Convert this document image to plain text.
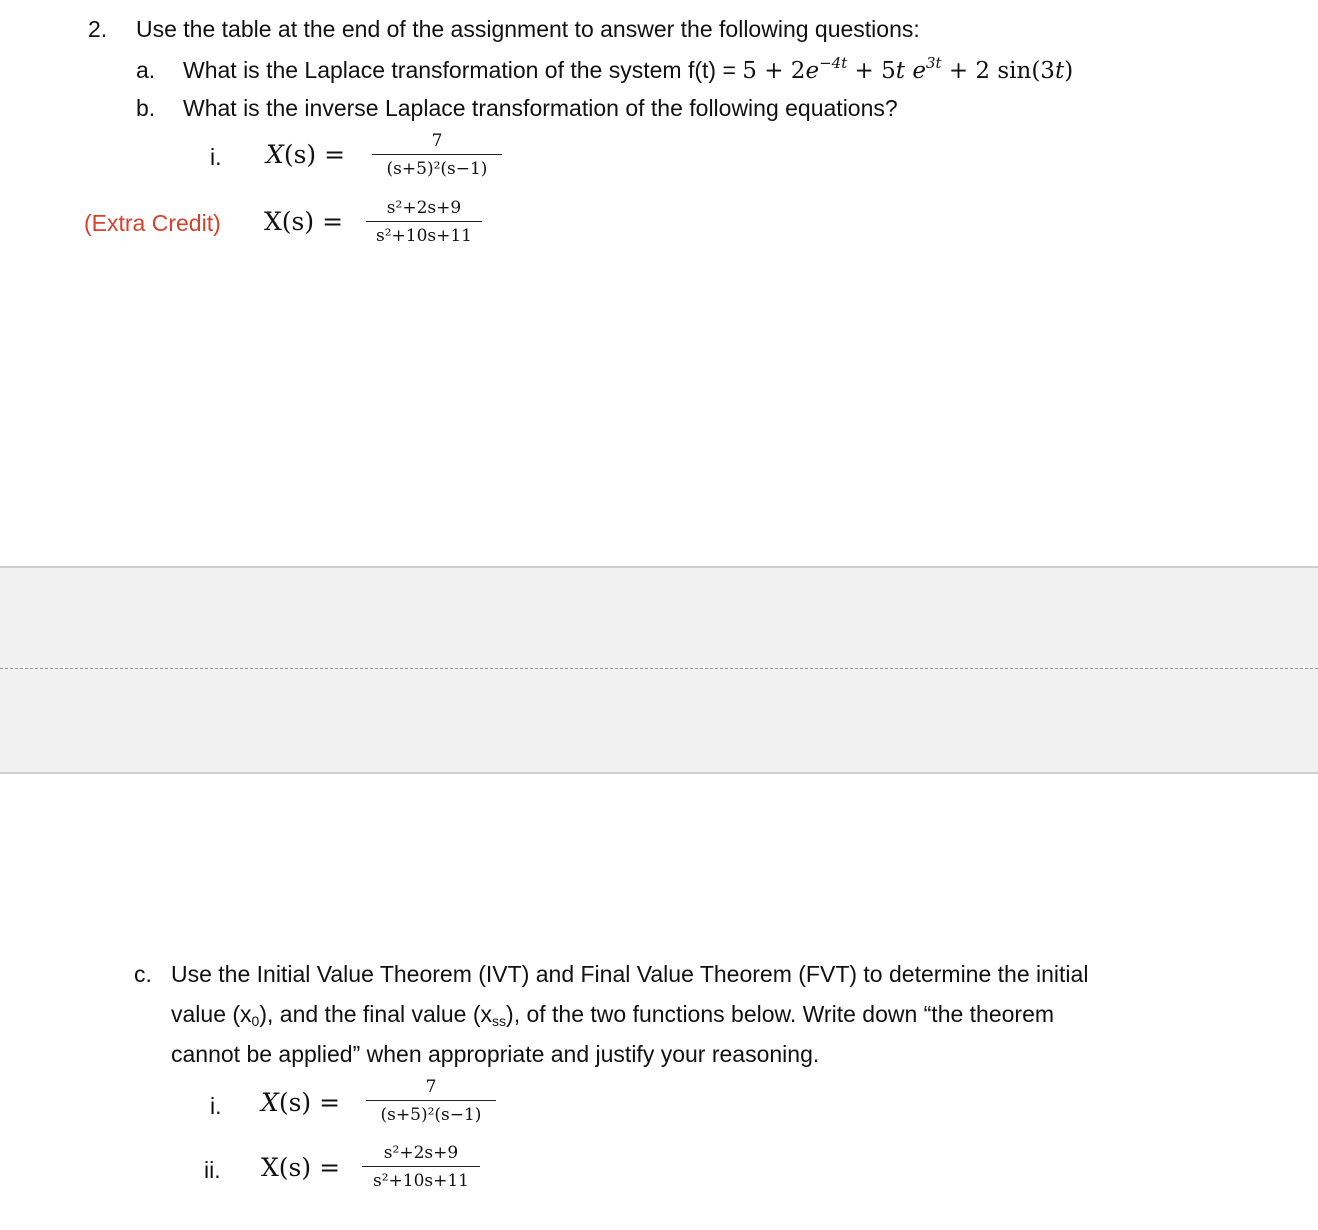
2. Use the table at the end of the assignment to answer the following questions:
a. What is the Laplace transformation of the system $f(t) = 5 + 2e^{-4t} + 5t$ $e^{3t} + 2$ sin(3t)
b. What is the inverse Laplace transformation of the following equations?
i. X(s) =	7
(s+5)²(s−1)
(Extra Credit) X(s) =	s²+2s+9
s²+10s+11
c. Use the Initial Value Theorem (IVT) and Final Value Theorem (FVT) to determine the initial
value $(x_0)$, and the final value $(x_{ss})$, of the two functions below. Write down “the theorem
cannot be applied” when appropriate and justify your reasoning.
i. X(s) =
7
(s+5)²(s−1)
ii. X(s) =	s²+2s+9
s²+10s+11
